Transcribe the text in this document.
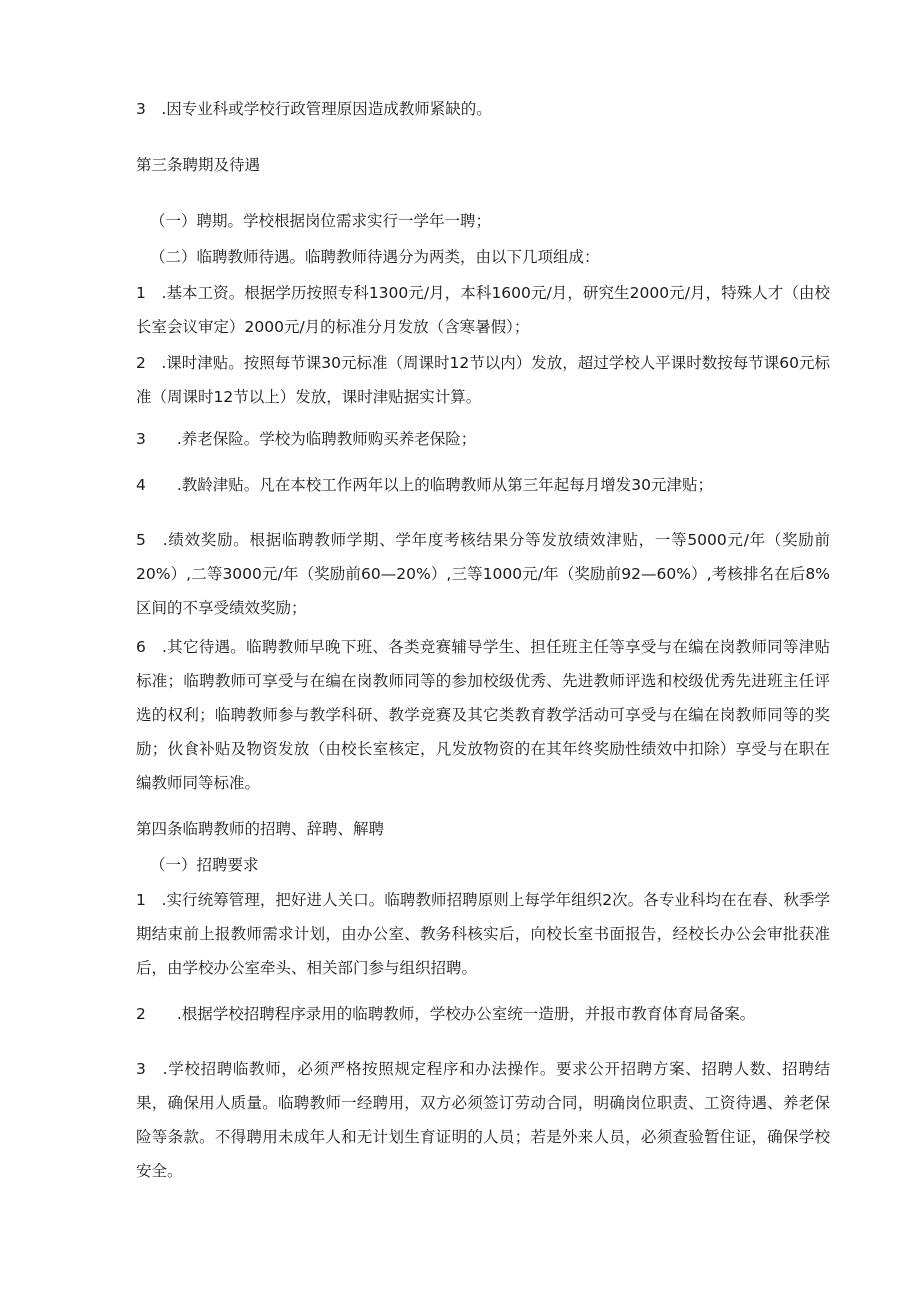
3　.因专业科或学校行政管理原因造成教师紧缺的。

第三条聘期及待遇

（一）聘期。学校根据岗位需求实行一学年一聘；

（二）临聘教师待遇。临聘教师待遇分为两类，由以下几项组成：

1　.基本工资。根据学历按照专科1300元/月，本科1600元/月，研究生2000元/月，特殊人才（由校长室会议审定）2000元/月的标准分月发放（含寒暑假）；

2　.课时津贴。按照每节课30元标准（周课时12节以内）发放，超过学校人平课时数按每节课60元标准（周课时12节以上）发放，课时津贴据实计算。

3　　.养老保险。学校为临聘教师购买养老保险；

4　　.教龄津贴。凡在本校工作两年以上的临聘教师从第三年起每月增发30元津贴；

5　.绩效奖励。根据临聘教师学期、学年度考核结果分等发放绩效津贴，一等5000元/年（奖励前20%）,二等3000元/年（奖励前60—20%）,三等1000元/年（奖励前92—60%）,考核排名在后8%区间的不享受绩效奖励；

6　.其它待遇。临聘教师早晚下班、各类竞赛辅导学生、担任班主任等享受与在编在岗教师同等津贴标准；临聘教师可享受与在编在岗教师同等的参加校级优秀、先进教师评选和校级优秀先进班主任评选的权利；临聘教师参与教学科研、教学竞赛及其它类教育教学活动可享受与在编在岗教师同等的奖励；伙食补贴及物资发放（由校长室核定，凡发放物资的在其年终奖励性绩效中扣除）享受与在职在编教师同等标准。

第四条临聘教师的招聘、辞聘、解聘

（一）招聘要求

1　.实行统筹管理，把好进人关口。临聘教师招聘原则上每学年组织2次。各专业科均在在春、秋季学期结束前上报教师需求计划，由办公室、教务科核实后，向校长室书面报告，经校长办公会审批获准后，由学校办公室牵头、相关部门参与组织招聘。

2　　.根据学校招聘程序录用的临聘教师，学校办公室统一造册，并报市教育体育局备案。

3　.学校招聘临教师，必须严格按照规定程序和办法操作。要求公开招聘方案、招聘人数、招聘结果，确保用人质量。临聘教师一经聘用，双方必须签订劳动合同，明确岗位职责、工资待遇、养老保险等条款。不得聘用未成年人和无计划生育证明的人员；若是外来人员，必须查验暂住证，确保学校安全。
